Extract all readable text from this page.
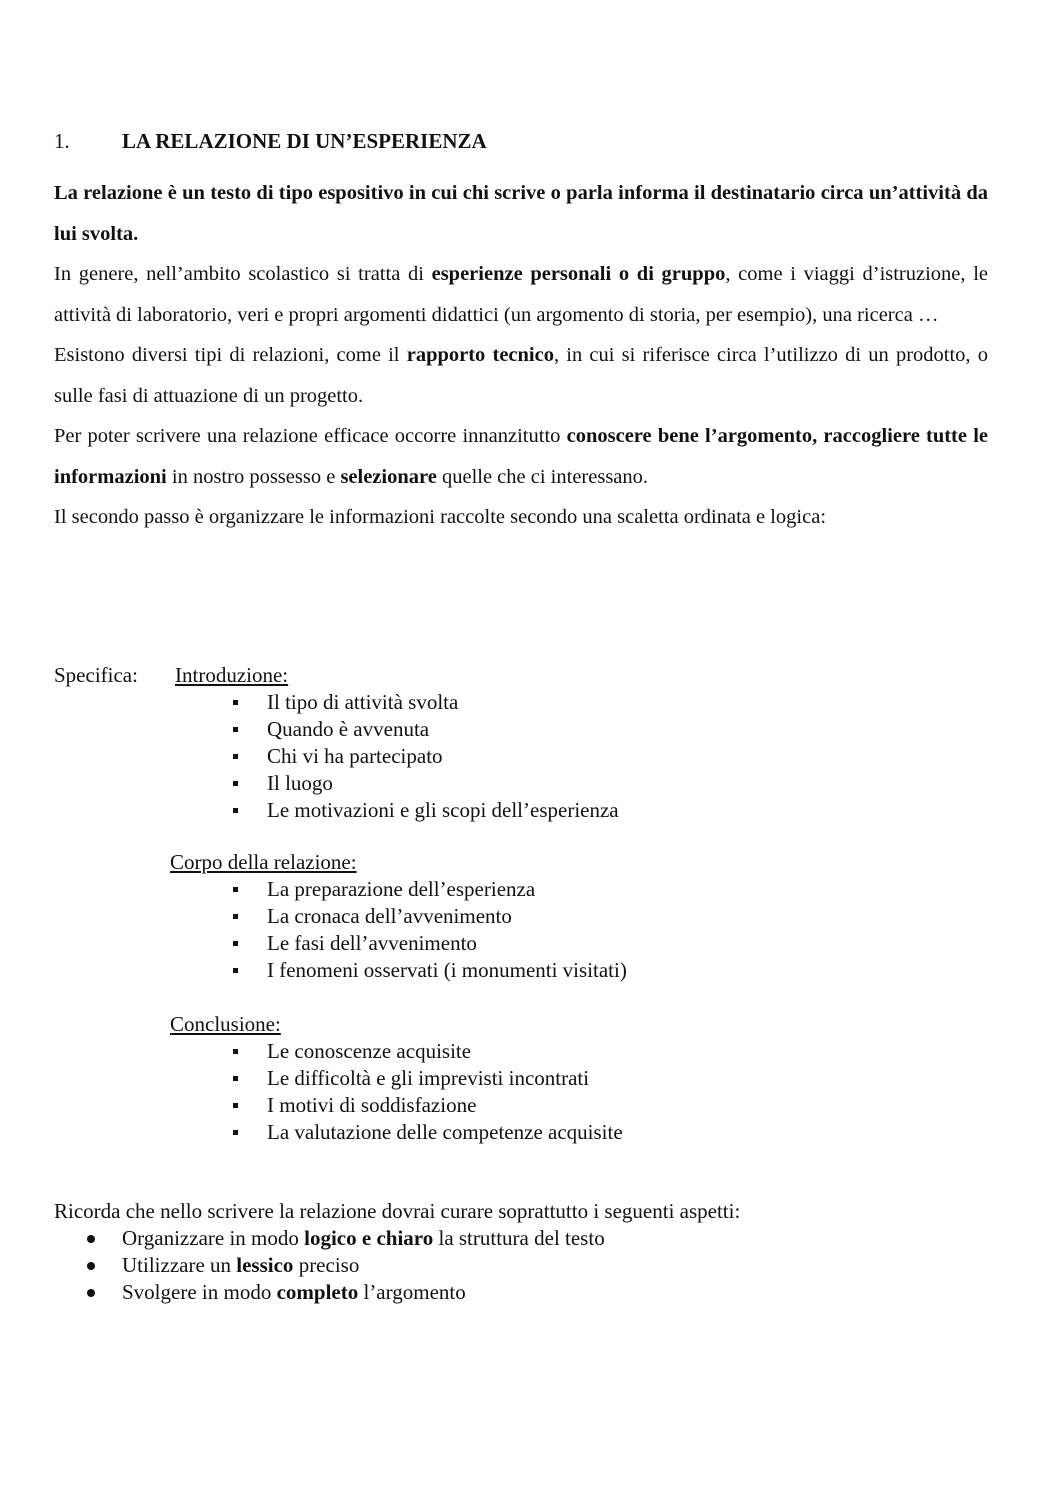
1. LA RELAZIONE DI UN’ESPERIENZA

La relazione è un testo di tipo espositivo in cui chi scrive o parla informa il destinatario circa un’attività da lui svolta.

In genere, nell’ambito scolastico si tratta di esperienze personali o di gruppo, come i viaggi d’istruzione, le attività di laboratorio, veri e propri argomenti didattici (un argomento di storia, per esempio), una ricerca …

Esistono diversi tipi di relazioni, come il rapporto tecnico, in cui si riferisce circa l’utilizzo di un prodotto, o sulle fasi di attuazione di un progetto.

Per poter scrivere una relazione efficace occorre innanzitutto conoscere bene l’argomento, raccogliere tutte le informazioni in nostro possesso e selezionare quelle che ci interessano.

Il secondo passo è organizzare le informazioni raccolte secondo una scaletta ordinata e logica:

Specifica: Introduzione:
Il tipo di attività svolta
Quando è avvenuta
Chi vi ha partecipato
Il luogo
Le motivazioni e gli scopi dell’esperienza
Corpo della relazione:
La preparazione dell’esperienza
La cronaca dell’avvenimento
Le fasi dell’avvenimento
I fenomeni osservati (i monumenti visitati)
Conclusione:
Le conoscenze acquisite
Le difficoltà e gli imprevisti incontrati
I motivi di soddisfazione
La valutazione delle competenze acquisite
Ricorda che nello scrivere la relazione dovrai curare soprattutto i seguenti aspetti:
Organizzare in modo logico e chiaro la struttura del testo
Utilizzare un lessico preciso
Svolgere in modo completo l’argomento
